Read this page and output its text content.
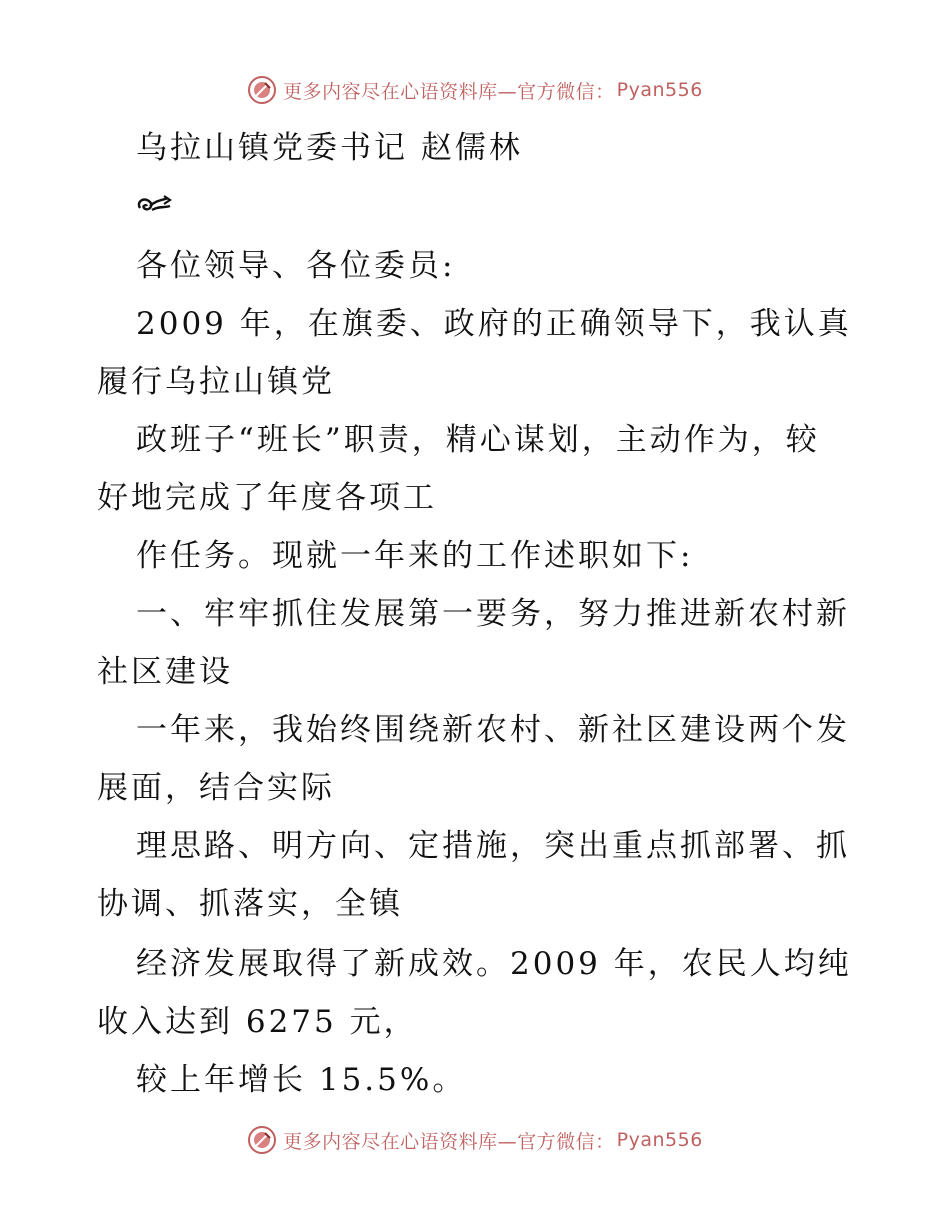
更多内容尽在心语资料库—官方微信： Pyan556
乌拉山镇党委书记 赵儒林
各位领导、各位委员:
2009 年，在旗委、政府的正确领导下，我认真
履行乌拉山镇党
政班子“班长”职责，精心谋划，主动作为，较
好地完成了年度各项工
作任务。现就一年来的工作述职如下:
一、牢牢抓住发展第一要务，努力推进新农村新
社区建设
一年来，我始终围绕新农村、新社区建设两个发
展面，结合实际
理思路、明方向、定措施，突出重点抓部署、抓
协调、抓落实，全镇
经济发展取得了新成效。2009 年，农民人均纯
收入达到 6275 元，
较上年增长 15.5%。
更多内容尽在心语资料库—官方微信： Pyan556
